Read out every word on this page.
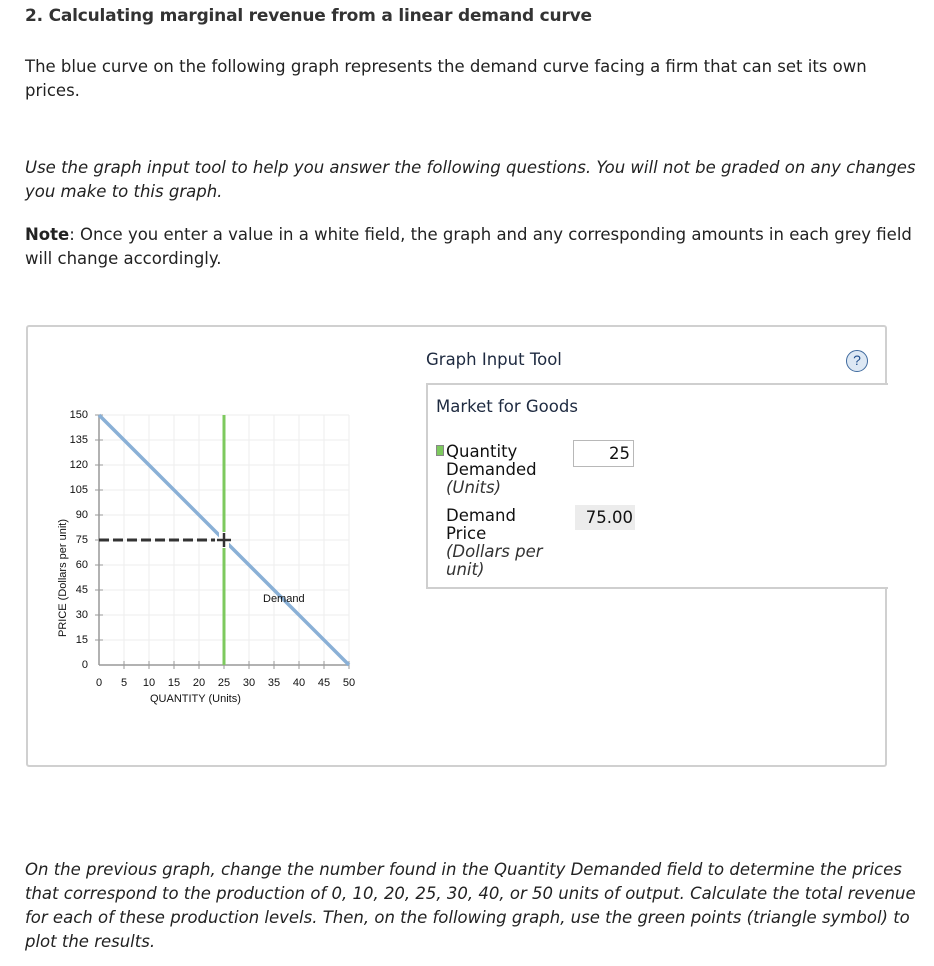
2. Calculating marginal revenue from a linear demand curve
The blue curve on the following graph represents the demand curve facing a firm that can set its own prices.
Use the graph input tool to help you answer the following questions. You will not be graded on any changes you make to this graph.
Note: Once you enter a value in a white field, the graph and any corresponding amounts in each grey field will change accordingly.
150
135
120
105
90
75
60
45
30
15
0
0	5	10	15	20	25	30	35	40	45	50
QUANTITY (Units)
PRICE (Dollars per unit)	Demand
Graph Input Tool	?
Market for Goods
Quantity
Demanded
(Units)
25
Demand
Price
(Dollars per
unit)
75.00
On the previous graph, change the number found in the Quantity Demanded field to determine the prices that correspond to the production of 0, 10, 20, 25, 30, 40, or 50 units of output. Calculate the total revenue for each of these production levels. Then, on the following graph, use the green points (triangle symbol) to plot the results.
